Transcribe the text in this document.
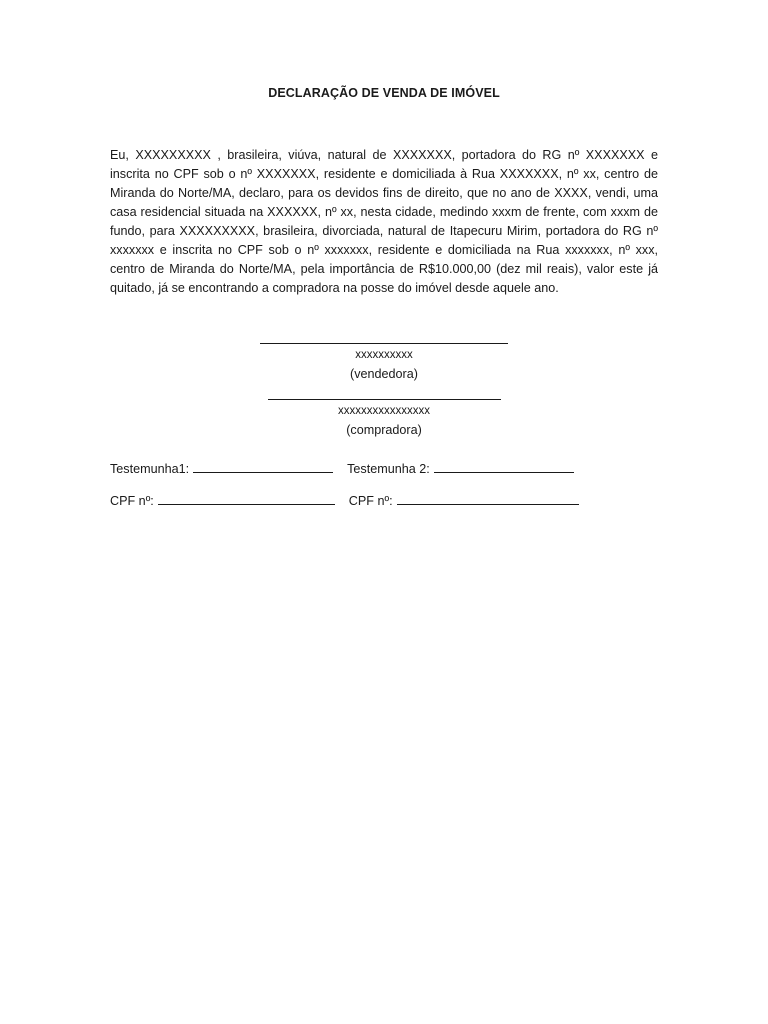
DECLARAÇÃO DE VENDA DE IMÓVEL
Eu, XXXXXXXXX , brasileira, viúva, natural de XXXXXXX, portadora do RG nº XXXXXXX e inscrita no CPF sob o nº XXXXXXX, residente e domiciliada à Rua XXXXXXX, nº xx, centro de Miranda do Norte/MA, declaro, para os devidos fins de direito, que no ano de XXXX, vendi, uma casa residencial situada na XXXXXX, nº xx, nesta cidade, medindo xxxm de frente, com xxxm de fundo, para XXXXXXXXX, brasileira, divorciada, natural de Itapecuru Mirim, portadora do RG nº xxxxxxx e inscrita no CPF sob o nº xxxxxxx, residente e domiciliada na Rua xxxxxxx, nº xxx, centro de Miranda do Norte/MA, pela importância de R$10.000,00 (dez mil reais), valor este já quitado, já se encontrando a compradora na posse do imóvel desde aquele ano.
xxxxxxxxxx
(vendedora)
xxxxxxxxxxxxxxxx
(compradora)
Testemunha1:	Testemunha 2:
CPF nº:	CPF nº:
